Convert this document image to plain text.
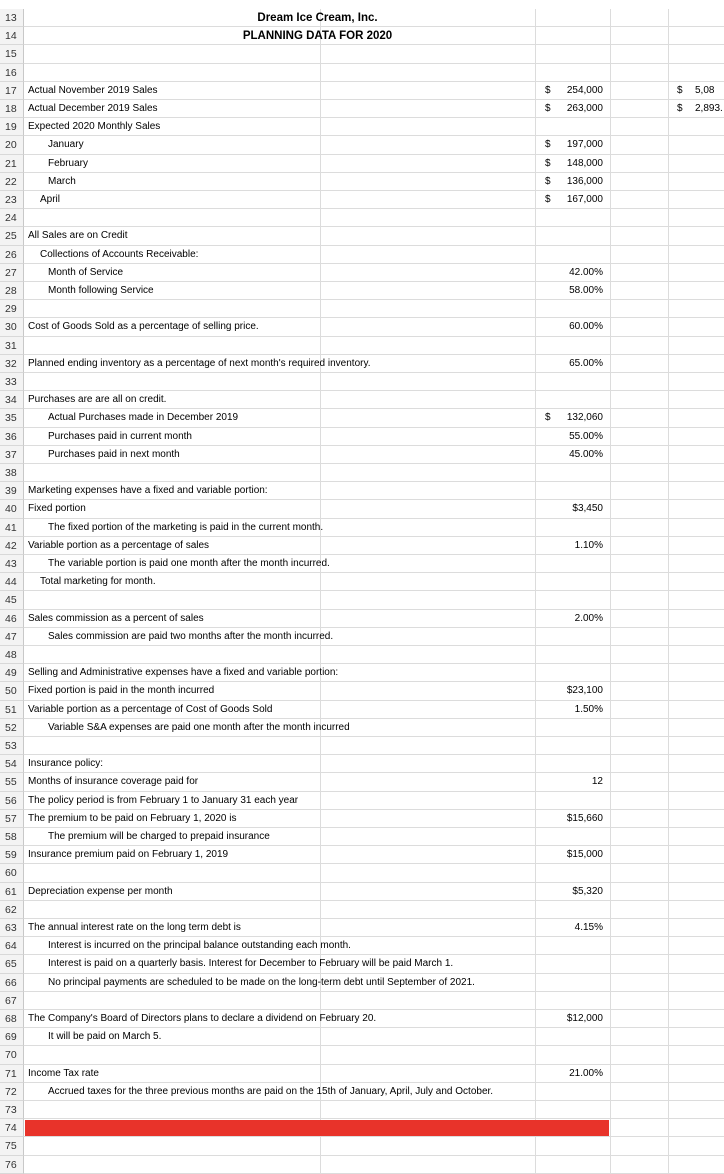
13	Dream Ice Cream, Inc.
14	PLANNING DATA FOR 2020
15
16
17	Actual November 2019 Sales	$ 254,000	$ 5,08
18	Actual December 2019 Sales	$ 263,000	$ 2,893.
19	Expected 2020 Monthly Sales
20	January	$ 197,000
21	February	$ 148,000
22	March	$ 136,000
23	April	$ 167,000
24
25	All Sales are on Credit
26	Collections of Accounts Receivable:
27	Month of Service	42.00%
28	Month following Service	58.00%
29
30	Cost of Goods Sold as a percentage of selling price.	60.00%
31
32	Planned ending inventory as a percentage of next month's required inventory.	65.00%
33
34	Purchases are are all on credit.
35	Actual Purchases made in December 2019	$ 132,060
36	Purchases paid in current month	55.00%
37	Purchases paid in next month	45.00%
38
39	Marketing expenses have a fixed and variable portion:
40	Fixed portion	$3,450
41	The fixed portion of the marketing is paid in the current month.
42	Variable portion as a percentage of sales	1.10%
43	The variable portion is paid one month after the month incurred.
44	Total marketing for month.
45
46	Sales commission as a percent of sales	2.00%
47	Sales commission are paid two months after the month incurred.
48
49	Selling and Administrative expenses have a fixed and variable portion:
50	Fixed portion is paid in the month incurred	$23,100
51	Variable portion as a percentage of Cost of Goods Sold	1.50%
52	Variable S&A expenses are paid one month after the month incurred
53
54	Insurance policy:
55	Months of insurance coverage paid for	12
56	The policy period is from February 1 to January 31 each year
57	The premium to be paid on February 1, 2020 is	$15,660
58	The premium will be charged to prepaid insurance
59	Insurance premium paid on February 1, 2019	$15,000
60
61	Depreciation expense per month	$5,320
62
63	The annual interest rate on the long term debt is	4.15%
64	Interest is incurred on the principal balance outstanding each month.
65	Interest is paid on a quarterly basis. Interest for December to February will be paid March 1.
66	No principal payments are scheduled to be made on the long-term debt until September of 2021.
67
68	The Company's Board of Directors plans to declare a dividend on February 20.	$12,000
69	It will be paid on March 5.
70
71	Income Tax rate	21.00%
72	Accrued taxes for the three previous months are paid on the 15th of January, April, July and October.
73
74
75
76
